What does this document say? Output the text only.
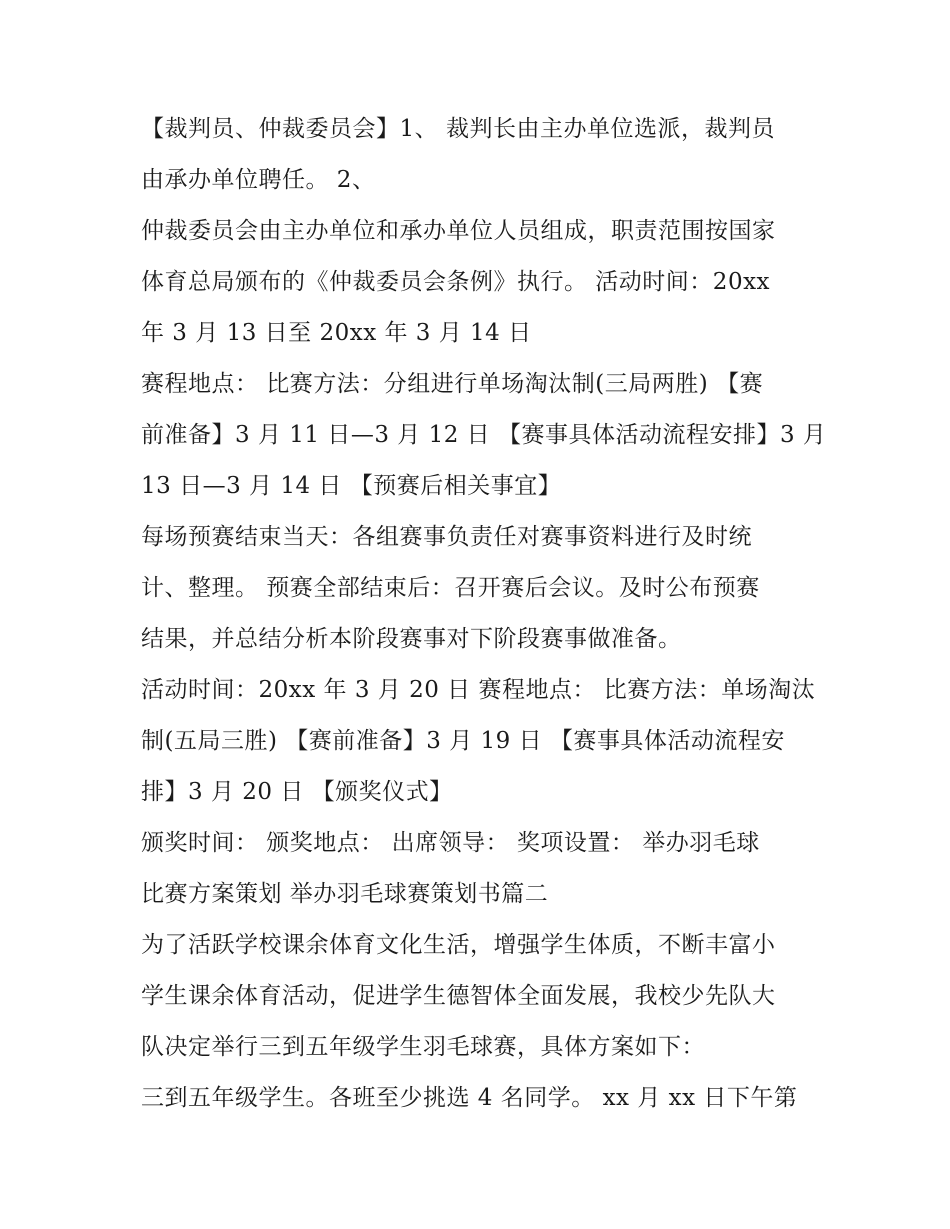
【裁判员、仲裁委员会】1、 裁判长由主办单位选派，裁判员
由承办单位聘任。 2、
仲裁委员会由主办单位和承办单位人员组成，职责范围按国家
体育总局颁布的《仲裁委员会条例》执行。 活动时间：20xx
年 3 月 13 日至 20xx 年 3 月 14 日
赛程地点： 比赛方法：分组进行单场淘汰制(三局两胜) 【赛
前准备】3 月 11 日—3 月 12 日 【赛事具体活动流程安排】3 月
13 日—3 月 14 日 【预赛后相关事宜】
每场预赛结束当天：各组赛事负责任对赛事资料进行及时统
计、整理。 预赛全部结束后：召开赛后会议。及时公布预赛
结果，并总结分析本阶段赛事对下阶段赛事做准备。
活动时间：20xx 年 3 月 20 日 赛程地点： 比赛方法：单场淘汰
制(五局三胜) 【赛前准备】3 月 19 日 【赛事具体活动流程安
排】3 月 20 日 【颁奖仪式】
颁奖时间： 颁奖地点： 出席领导： 奖项设置： 举办羽毛球
比赛方案策划 举办羽毛球赛策划书篇二
为了活跃学校课余体育文化生活，增强学生体质，不断丰富小
学生课余体育活动，促进学生德智体全面发展，我校少先队大
队决定举行三到五年级学生羽毛球赛，具体方案如下：
三到五年级学生。各班至少挑选 4 名同学。 xx 月 xx 日下午第
